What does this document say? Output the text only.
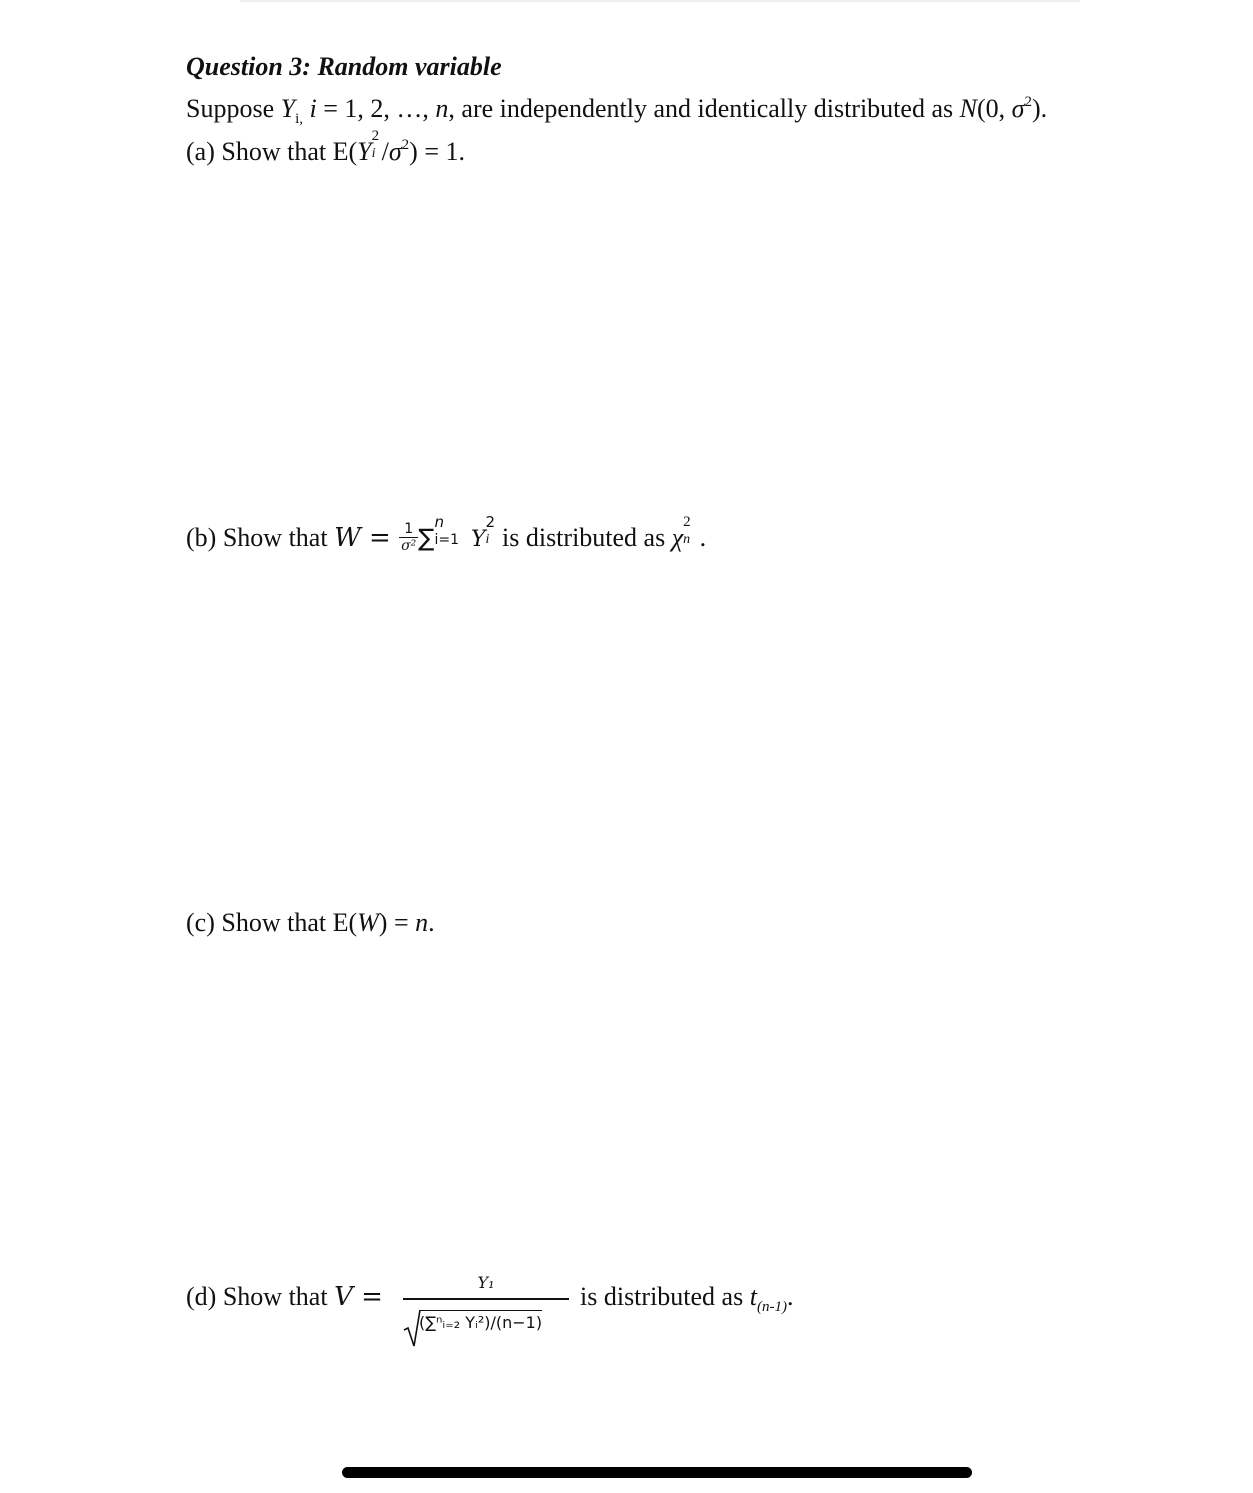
Question 3: Random variable
Suppose $Y_{i,}$ i = 1, 2, …, n, are independently and identically distributed as N(0, $\sigma^2$).
(a) Show that E(Y
2
i $/\sigma^2) = 1$.
(b) Show that $W = \frac{1}{\text{σ²}}$ ∑
n
i=1 Y
2
i is distributed as χ
2
n .
(c) Show that E(W) = n.
(d) Show that $V = \frac{\text{Y₁}}{\text{(∑ⁿᵢ₌₂ Yᵢ²)/(n−1)}}$ is distributed as $t_{(n-1)}$.
